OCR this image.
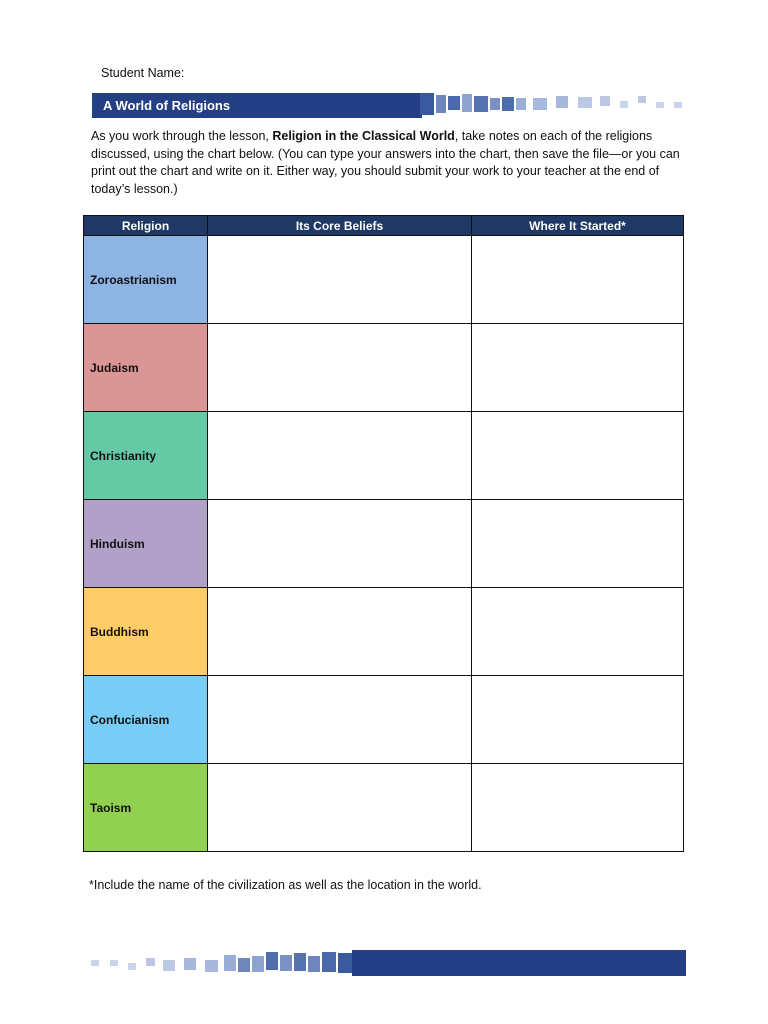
Student Name:
A World of Religions
As you work through the lesson, Religion in the Classical World, take notes on each of the religions discussed, using the chart below. (You can type your answers into the chart, then save the file—or you can print out the chart and write on it. Either way, you should submit your work to your teacher at the end of today’s lesson.)
Religion	Its Core Beliefs	Where It Started*
Zoroastrianism		
Judaism		
Christianity		
Hinduism		
Buddhism		
Confucianism		
Taoism		
*Include the name of the civilization as well as the location in the world.
